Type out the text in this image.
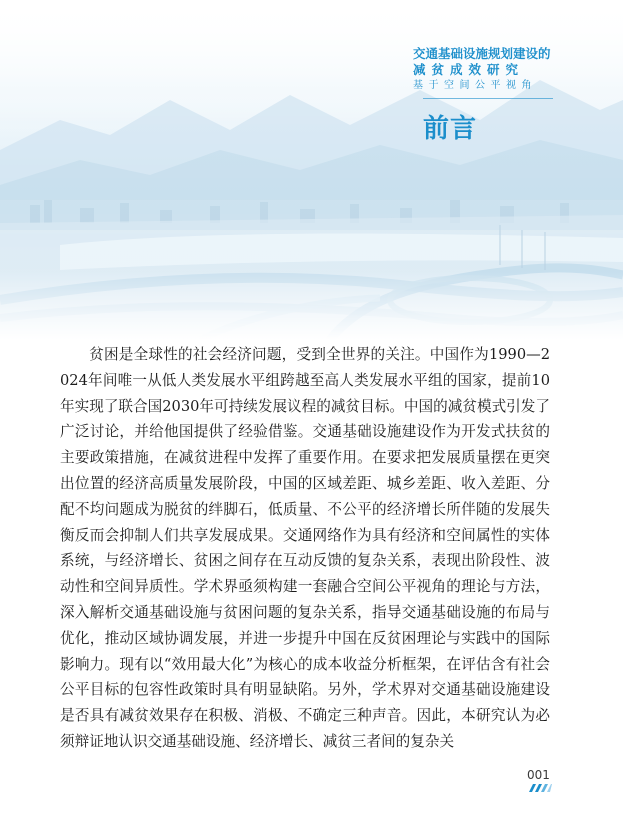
交通基础设施规划建设的
减贫成效研究
基于空间公平视角
前言

贫困是全球性的社会经济问题，受到全世界的关注。中国作为1990—2024年间唯一从低人类发展水平组跨越至高人类发展水平组的国家，提前10年实现了联合国2030年可持续发展议程的减贫目标。中国的减贫模式引发了广泛讨论，并给他国提供了经验借鉴。交通基础设施建设作为开发式扶贫的主要政策措施，在减贫进程中发挥了重要作用。在要求把发展质量摆在更突出位置的经济高质量发展阶段，中国的区域差距、城乡差距、收入差距、分配不均问题成为脱贫的绊脚石，低质量、不公平的经济增长所伴随的发展失衡反而会抑制人们共享发展成果。交通网络作为具有经济和空间属性的实体系统，与经济增长、贫困之间存在互动反馈的复杂关系，表现出阶段性、波动性和空间异质性。学术界亟须构建一套融合空间公平视角的理论与方法，深入解析交通基础设施与贫困问题的复杂关系，指导交通基础设施的布局与优化，推动区域协调发展，并进一步提升中国在反贫困理论与实践中的国际影响力。现有以“效用最大化”为核心的成本收益分析框架，在评估含有社会公平目标的包容性政策时具有明显缺陷。另外，学术界对交通基础设施建设是否具有减贫效果存在积极、消极、不确定三种声音。因此，本研究认为必须辩证地认识交通基础设施、经济增长、减贫三者间的复杂关

001
